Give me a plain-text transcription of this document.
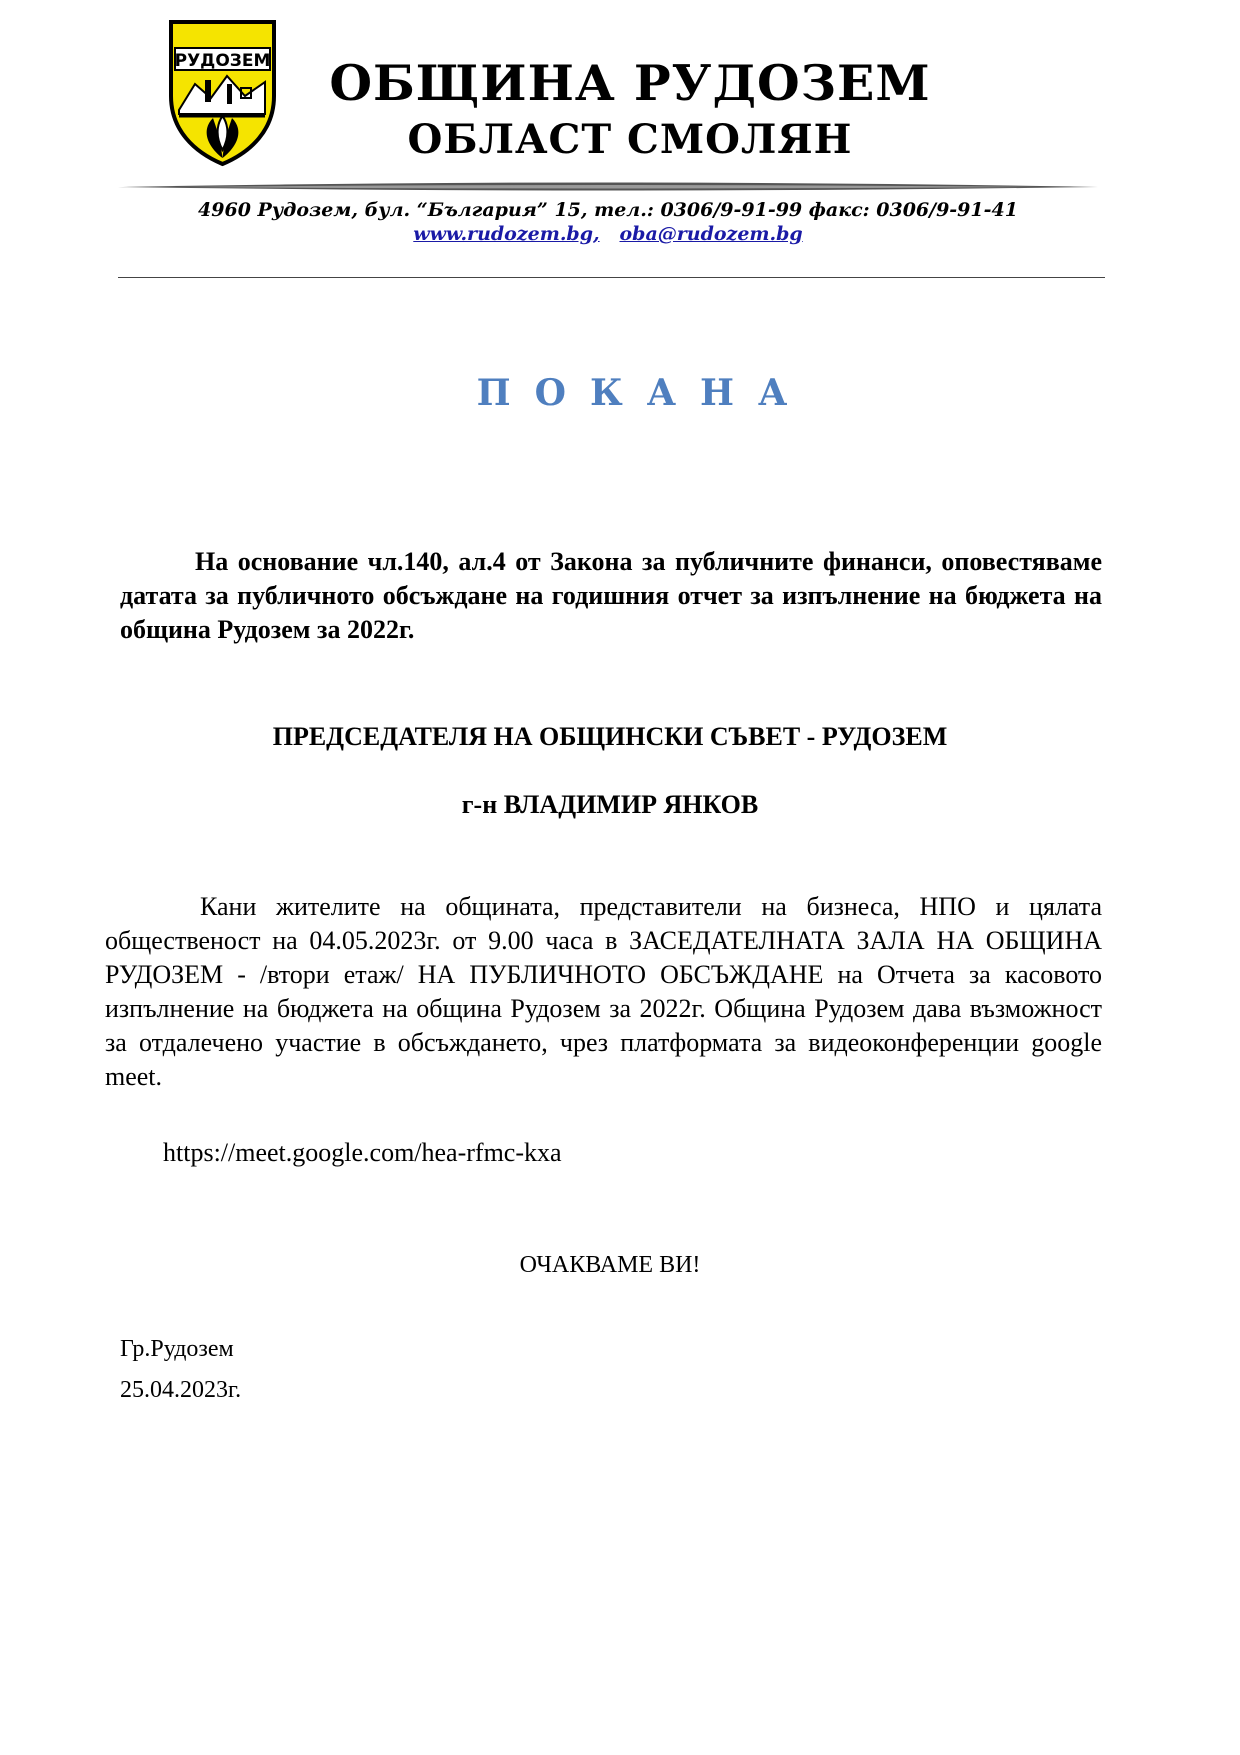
РУДОЗЕМ	ОБЩИНА РУДОЗЕМ
ОБЛАСТ СМОЛЯН
4960 Рудозем, бул. “България” 15, тел.: 0306/9-91-99 факс: 0306/9-91-41
www.rudozem.bg, oba@rudozem.bg
ПОКАНА
На основание чл.140, ал.4 от Закона за публичните финанси, оповестяваме датата за публичното обсъждане на годишния отчет за изпълнение на бюджета на община Рудозем за 2022г.
ПРЕДСЕДАТЕЛЯ НА ОБЩИНСКИ СЪВЕТ - РУДОЗЕМ
г-н ВЛАДИМИР ЯНКОВ
Кани жителите на общината, представители на бизнеса, НПО и цялата общественост на 04.05.2023г. от 9.00 часа в ЗАСЕДАТЕЛНАТА ЗАЛА НА ОБЩИНА РУДОЗЕМ - /втори етаж/ НА ПУБЛИЧНОТО ОБСЪЖДАНЕ на Отчета за касовото изпълнение на бюджета на община Рудозем за 2022г. Община Рудозем дава възможност за отдалечено участие в обсъждането, чрез платформата за видеоконференции google meet.
https://meet.google.com/hea-rfmc-kxa
ОЧАКВАМЕ ВИ!
Гр.Рудозем
25.04.2023г.
